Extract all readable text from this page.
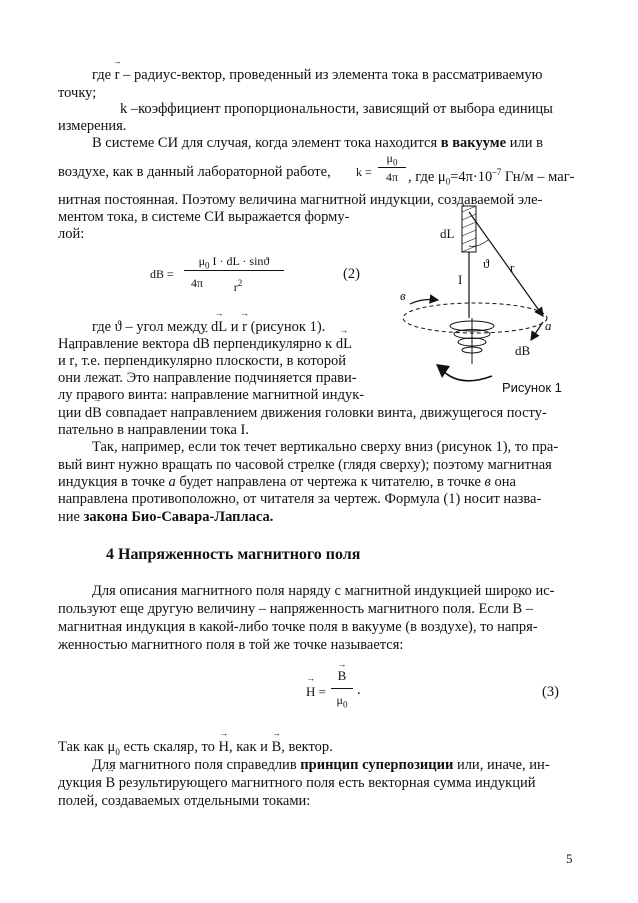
где → r – радиус-вектор, проведенный из элемента тока в рассматриваемую
точку;
k –коэффициент пропорциональности, зависящий от выбора единицы
измерения.
В системе СИ для случая, когда элемент тока находится в вакууме или в
воздухе, как в данный лабораторной работе, k =
$\mu_0$
4π , где $\mu_0=4\pi\cdot 10^{-7}$ Гн/м – маг-
нитная постоянная. Поэтому величина магнитной индукции, создаваемой эле-
ментом тока, в системе СИ выражается форму-
лой:
dB =
$\mu_0$ I · dL · sinϑ
4π	$r^2$
(2)
где ϑ – угол между → dL и → r (рисунок 1).
Направление вектора d→ B перпендикулярно к → dL
и → r, т.е. перпендикулярно плоскости, в которой
они лежат. Это направление подчиняется прави-
лу правого винта: направление магнитной индук-
ции d→ B совпадает направлением движения головки винта, движущегося посту-
пательно в направлении тока I.
Так, например, если ток течет вертикально сверху вниз (рисунок 1), то пра-
вый винт нужно вращать по часовой стрелке (глядя сверху); поэтому магнитная
индукция в точке а будет направлена от чертежа к читателю, в точке в она
направлена противоположно, от читателя за чертеж. Формула (1) носит назва-
ние закона Био-Савара-Лапласа.
4 Напряженность магнитного поля
Для описания магнитного поля наряду с магнитной индукцией широко ис-
пользуют еще другую величину – напряженность магнитного поля. Если → B –
магнитная индукция в какой-либо точке поля в вакууме (в воздухе), то напря-
женностью магнитного поля в той же точке называется:
→ H =
→ B
$\mu_0$
.	(3)
Так как $\mu_0$ есть скаляр, то → H, как и → B, вектор.
Для магнитного поля справедлив принцип суперпозиции или, иначе, ин-
дукция → B результирующего магнитного поля есть векторная сумма индукций
полей, создаваемых отдельными токами:
dL
ϑ r
I
в
а
dB
Рисунок 1
5
